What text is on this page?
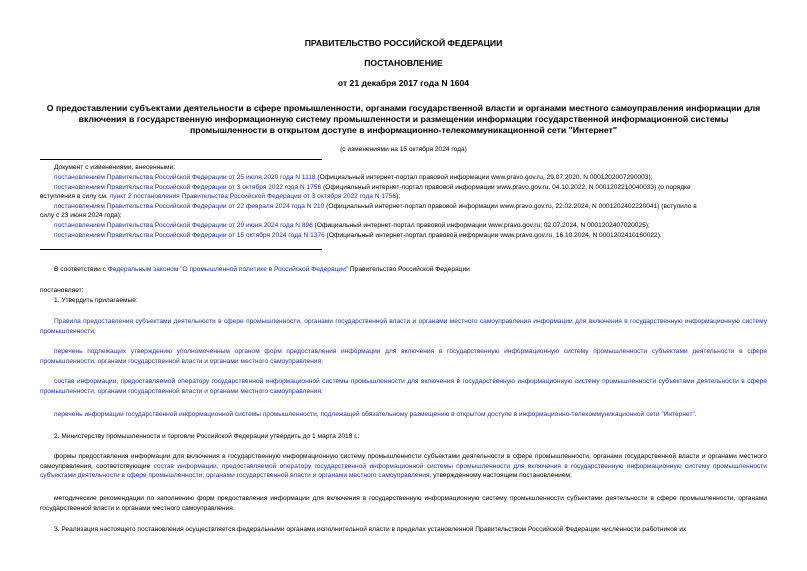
ПРАВИТЕЛЬСТВО РОССИЙСКОЙ ФЕДЕРАЦИИ
ПОСТАНОВЛЕНИЕ
от 21 декабря 2017 года N 1604
О предоставлении субъектами деятельности в сфере промышленности, органами государственной власти и органами местного самоуправления информации для включения в государственную информационную систему промышленности и размещении информации государственной информационной системы промышленности в открытом доступе в информационно-телекоммуникационной сети "Интернет"
(с изменениями на 15 октября 2024 года)
Документ с изменениями, внесенными:
постановлением Правительства Российской Федерации от 25 июля 2020 года N 1118 (Официальный интернет-портал правовой информации www.pravo.gov.ru, 29.07.2020, N 0001202007290003);
постановлением Правительства Российской Федерации от 3 октября 2022 года N 1756 (Официальный интернет-портал правовой информации www.pravo.gov.ru, 04.10.2022, N 0001202210040033) (о порядке
вступления в силу см. пункт 2 постановления Правительства Российской Федерации от 3 октября 2022 года N 1756);
постановлением Правительства Российской Федерации от 22 февраля 2024 года N 210 (Официальный интернет-портал правовой информации www.pravo.gov.ru, 22.02.2024, N 0001202402220041) (вступило в
силу с 23 июня 2024 года);
постановлением Правительства Российской Федерации от 29 июня 2024 года N 896 (Официальный интернет-портал правовой информации www.pravo.gov.ru, 02.07.2024, N 0001202407020025);
постановлением Правительства Российской Федерации от 15 октября 2024 года N 1376 (Официальный интернет-портал правовой информации www.pravo.gov.ru, 16.10.2024, N 0001202410160022).
В соответствии с Федеральным законом "О промышленной политике в Российской Федерации" Правительство Российской Федерации
постановляет:
1. Утвердить прилагаемые:
Правила предоставления субъектами деятельности в сфере промышленности, органами государственной власти и органами местного самоуправления информации для включения в государственную информационную систему промышленности;
перечень подлежащих утверждению уполномоченным органом форм предоставления информации для включения в государственную информационную систему промышленности субъектами деятельности в сфере промышленности, органами государственной власти и органами местного самоуправления;
состав информации, предоставляемой оператору государственной информационной системы промышленности для включения в государственную информационную систему промышленности субъектами деятельности в сфере промышленности, органами государственной власти и органами местного самоуправления;
перечень информации государственной информационной системы промышленности, подлежащей обязательному размещению в открытом доступе в информационно-телекоммуникационной сети "Интернет".
2. Министерству промышленности и торговли Российской Федерации утвердить до 1 марта 2018 г.:
формы предоставления информации для включения в государственную информационную систему промышленности субъектами деятельности в сфере промышленности, органами государственной власти и органами местного самоуправления, соответствующие состав информации, предоставляемой оператору государственной информационной системы промышленности для включения в государственную информационную систему промышленности субъектами деятельности в сфере промышленности, органами государственной власти и органами местного самоуправления, утвержденному настоящим постановлением;
методические рекомендации по заполнению форм предоставления информации для включения в государственную информационную систему промышленности субъектами деятельности в сфере промышленности, органами государственной власти и органами местного самоуправления.
3. Реализация настоящего постановления осуществляется федеральными органами исполнительной власти в пределах установленной Правительством Российской Федерации численности работников их
